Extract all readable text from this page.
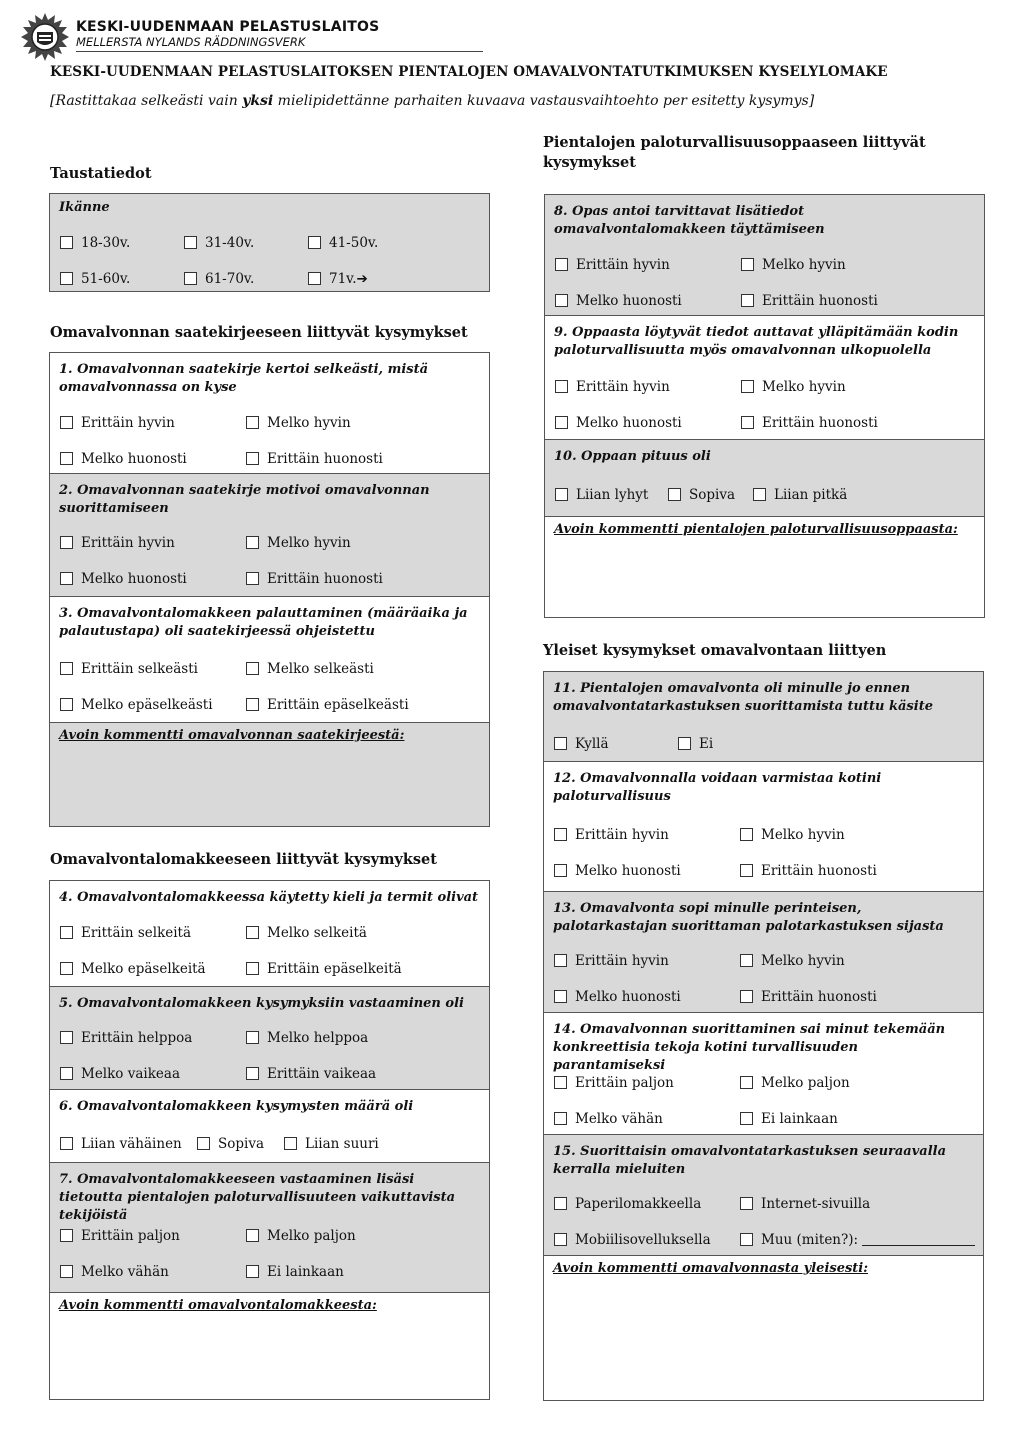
KESKI-UUDENMAAN PELASTUSLAITOS
MELLERSTA NYLANDS RÄDDNINGSVERK
KESKI-UUDENMAAN PELASTUSLAITOKSEN PIENTALOJEN OMAVALVONTATUTKIMUKSEN KYSELYLOMAKE
[Rastittakaa selkeästi vain yksi mielipidettänne parhaiten kuvaava vastausvaihtoehto per esitetty kysymys]
Taustatiedot
Ikänne
18-30v.	31-40v.	41-50v.
51-60v.	61-70v.	71v.➔
Omavalvonnan saatekirjeeseen liittyvät kysymykset
1. Omavalvonnan saatekirje kertoi selkeästi, mistä omavalvonnassa on kyse
Erittäin hyvin	Melko hyvin
Melko huonosti	Erittäin huonosti
2. Omavalvonnan saatekirje motivoi omavalvonnan suorittamiseen
Erittäin hyvin	Melko hyvin
Melko huonosti	Erittäin huonosti
3. Omavalvontalomakkeen palauttaminen (määräaika ja palautustapa) oli saatekirjeessä ohjeistettu
Erittäin selkeästi	Melko selkeästi
Melko epäselkeästi	Erittäin epäselkeästi
Avoin kommentti omavalvonnan saatekirjeestä:
Omavalvontalomakkeeseen liittyvät kysymykset
4. Omavalvontalomakkeessa käytetty kieli ja termit olivat
Erittäin selkeitä	Melko selkeitä
Melko epäselkeitä	Erittäin epäselkeitä
5. Omavalvontalomakkeen kysymyksiin vastaaminen oli
Erittäin helppoa	Melko helppoa
Melko vaikeaa	Erittäin vaikeaa
6. Omavalvontalomakkeen kysymysten määrä oli
Liian vähäinen	Sopiva	Liian suuri
7. Omavalvontalomakkeeseen vastaaminen lisäsi tietoutta pientalojen paloturvallisuuteen vaikuttavista tekijöistä
Erittäin paljon	Melko paljon
Melko vähän	Ei lainkaan
Avoin kommentti omavalvontalomakkeesta:
Pientalojen paloturvallisuusoppaaseen liittyvät kysymykset
8. Opas antoi tarvittavat lisätiedot omavalvontalomakkeen täyttämiseen
Erittäin hyvin	Melko hyvin
Melko huonosti	Erittäin huonosti
9. Oppaasta löytyvät tiedot auttavat ylläpitämään kodin paloturvallisuutta myös omavalvonnan ulkopuolella
Erittäin hyvin	Melko hyvin
Melko huonosti	Erittäin huonosti
10. Oppaan pituus oli
Liian lyhyt	Sopiva	Liian pitkä
Avoin kommentti pientalojen paloturvallisuusoppaasta:
Yleiset kysymykset omavalvontaan liittyen
11. Pientalojen omavalvonta oli minulle jo ennen omavalvontatarkastuksen suorittamista tuttu käsite
Kyllä	Ei
12. Omavalvonnalla voidaan varmistaa kotini paloturvallisuus
Erittäin hyvin	Melko hyvin
Melko huonosti	Erittäin huonosti
13. Omavalvonta sopi minulle perinteisen, palotarkastajan suorittaman palotarkastuksen sijasta
Erittäin hyvin	Melko hyvin
Melko huonosti	Erittäin huonosti
14. Omavalvonnan suorittaminen sai minut tekemään konkreettisia tekoja kotini turvallisuuden parantamiseksi
Erittäin paljon	Melko paljon
Melko vähän	Ei lainkaan
15. Suorittaisin omavalvontatarkastuksen seuraavalla kerralla mieluiten
Paperilomakkeella	Internet-sivuilla
Mobiilisovelluksella	Muu (miten?):
Avoin kommentti omavalvonnasta yleisesti:
